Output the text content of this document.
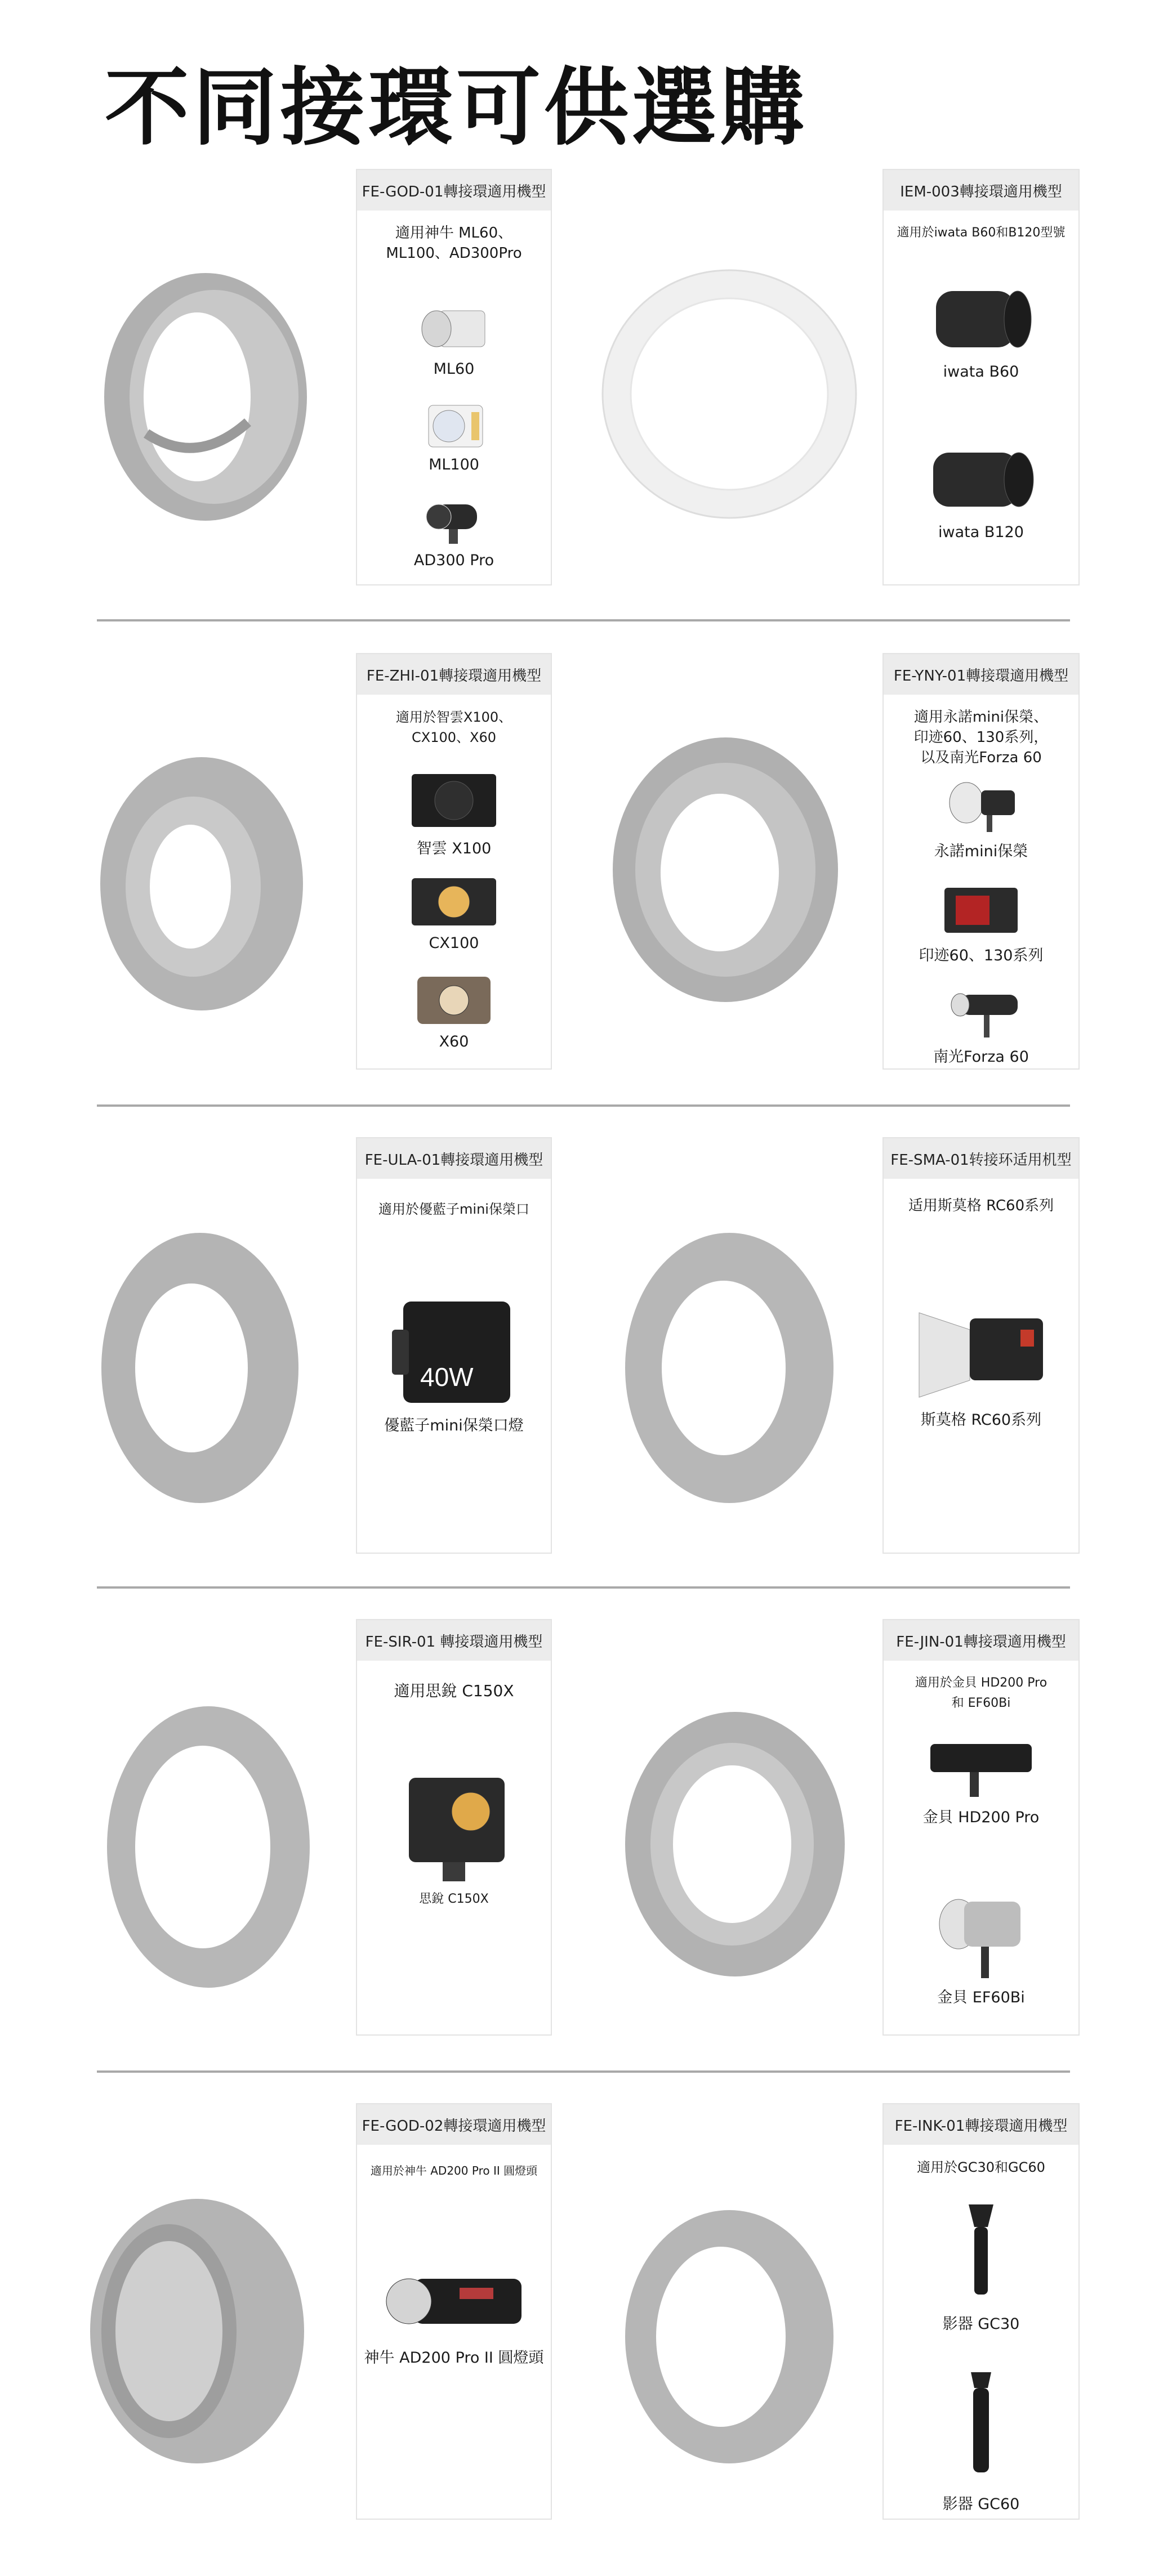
不同接環可供選購
FE-GOD-01轉接環適用機型
適用神牛 ML60、
ML100、AD300Pro
ML60
ML100
AD300 Pro
IEM-003轉接環適用機型
適用於iwata B60和B120型號
iwata B60
iwata B120
FE-ZHI-01轉接環適用機型
適用於智雲X100、
CX100、X60
智雲 X100
CX100
X60
FE-YNY-01轉接環適用機型
適用永諾mini保榮、
印迹60、130系列，
以及南光Forza 60
永諾mini保榮
印迹60、130系列
南光Forza 60
FE-ULA-01轉接環適用機型
適用於優藍子mini保榮口
40W
優藍子mini保榮口燈
FE-SMA-01转接环适用机型
适用斯莫格 RC60系列
斯莫格 RC60系列
FE-SIR-01 轉接環適用機型
適用思銳 C150X
思銳 C150X
FE-JIN-01轉接環適用機型
適用於金貝 HD200 Pro
和 EF60Bi
金貝 HD200 Pro
金貝 EF60Bi
FE-GOD-02轉接環適用機型
適用於神牛 AD200 Pro II 圓燈頭
神牛 AD200 Pro II 圓燈頭
FE-INK-01轉接環適用機型
適用於GC30和GC60
影器 GC30
影器 GC60
